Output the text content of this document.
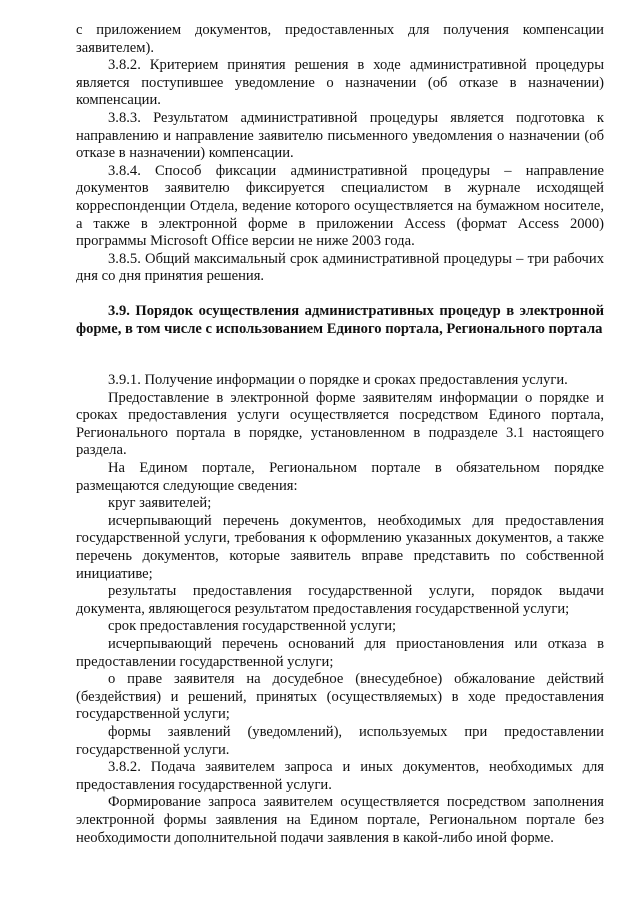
с приложением документов, предоставленных для получения компенсации заявителем).

3.8.2. Критерием принятия решения в ходе административной процедуры является поступившее уведомление о назначении (об отказе в назначении) компенсации.

3.8.3. Результатом административной процедуры является подготовка к направлению и направление заявителю письменного уведомления о назначении (об отказе в назначении) компенсации.

3.8.4. Способ фиксации административной процедуры – направление документов заявителю фиксируется специалистом в журнале исходящей корреспонденции Отдела, ведение которого осуществляется на бумажном носителе, а также в электронной форме в приложении Access (формат Access 2000) программы Microsoft Office версии не ниже 2003 года.

3.8.5. Общий максимальный срок административной процедуры – три рабочих дня со дня принятия решения.

3.9. Порядок осуществления административных процедур в электронной форме, в том числе с использованием Единого портала, Регионального портала

3.9.1. Получение информации о порядке и сроках предоставления услуги.

Предоставление в электронной форме заявителям информации о порядке и сроках предоставления услуги осуществляется посредством Единого портала, Регионального портала в порядке, установленном в подразделе 3.1 настоящего раздела.

На Едином портале, Региональном портале в обязательном порядке размещаются следующие сведения:

круг заявителей;

исчерпывающий перечень документов, необходимых для предоставления государственной услуги, требования к оформлению указанных документов, а также перечень документов, которые заявитель вправе представить по собственной инициативе;

результаты предоставления государственной услуги, порядок выдачи документа, являющегося результатом предоставления государственной услуги;

срок предоставления государственной услуги;

исчерпывающий перечень оснований для приостановления или отказа в предоставлении государственной услуги;

о праве заявителя на досудебное (внесудебное) обжалование действий (бездействия) и решений, принятых (осуществляемых) в ходе предоставления государственной услуги;

формы заявлений (уведомлений), используемых при предоставлении государственной услуги.

3.8.2. Подача заявителем запроса и иных документов, необходимых для предоставления государственной услуги.

Формирование запроса заявителем осуществляется посредством заполнения электронной формы заявления на Едином портале, Региональном портале без необходимости дополнительной подачи заявления в какой-либо иной форме.
